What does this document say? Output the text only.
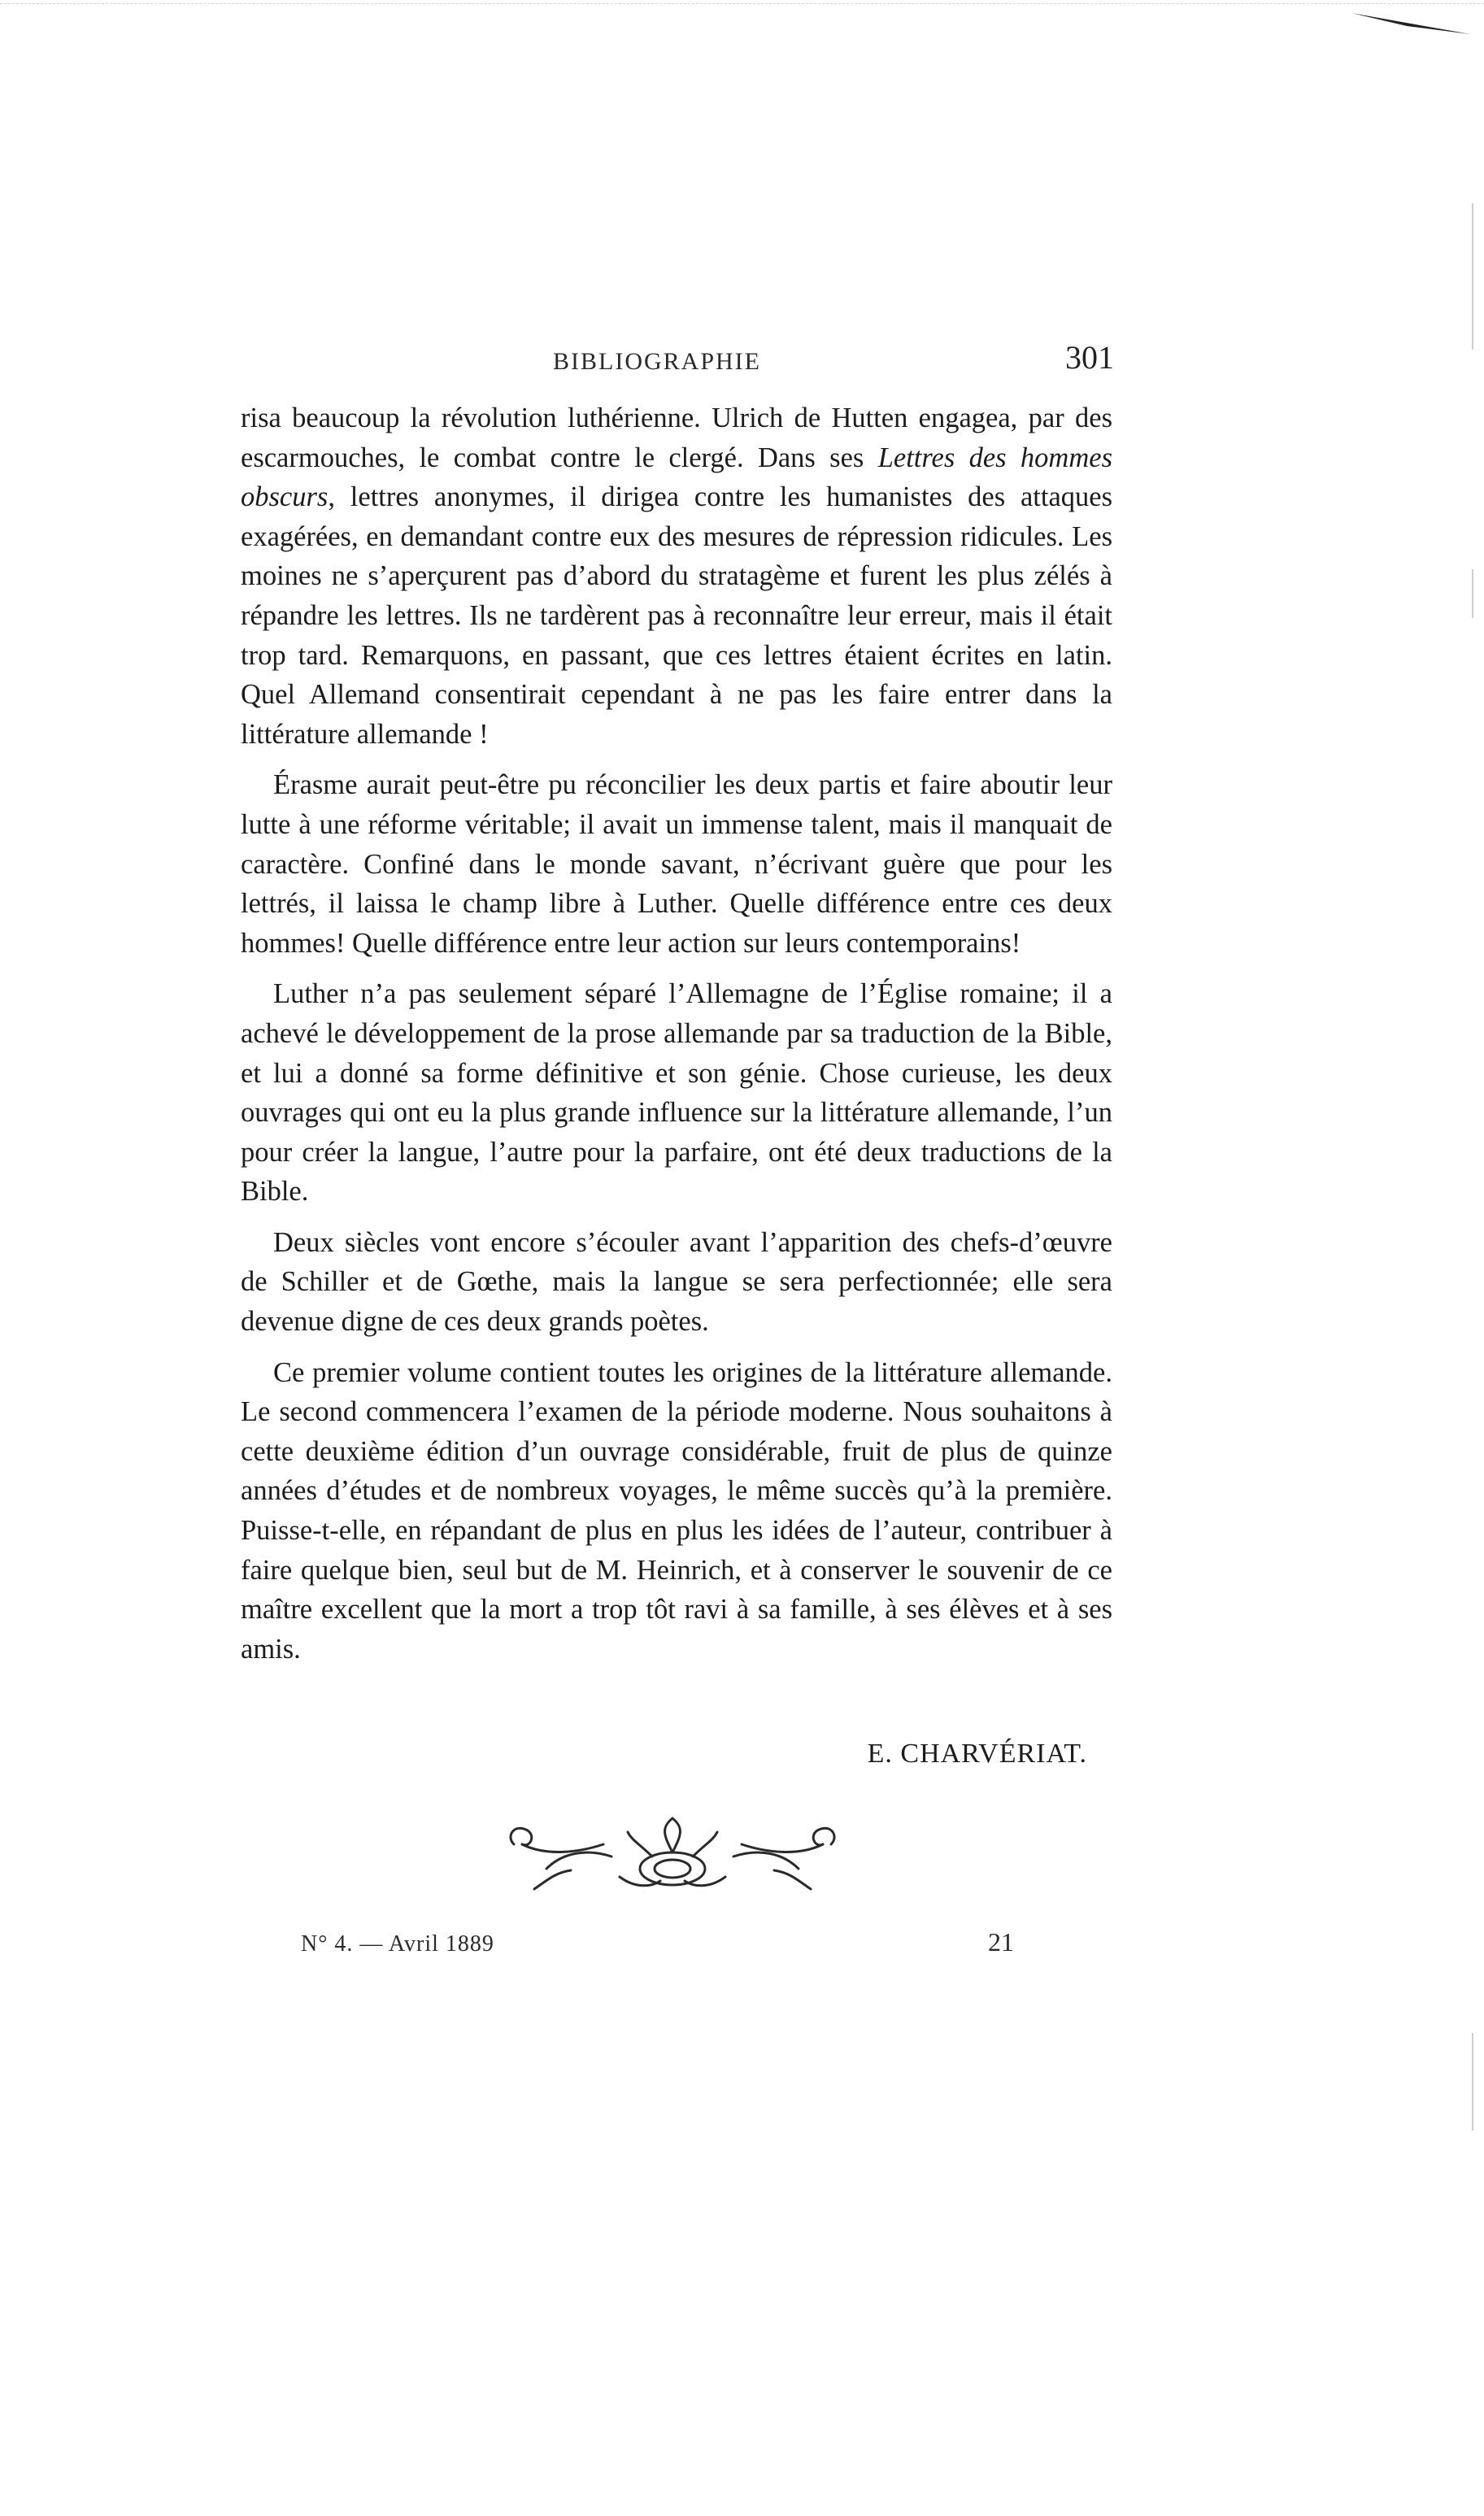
BIBLIOGRAPHIE	301

risa beaucoup la révolution luthérienne. Ulrich de Hutten engagea, par des escarmouches, le combat contre le clergé. Dans ses Lettres des hommes obscurs, lettres anonymes, il dirigea contre les humanistes des attaques exagérées, en demandant contre eux des mesures de répression ridicules. Les moines ne s’aperçurent pas d’abord du stratagème et furent les plus zélés à répandre les lettres. Ils ne tardèrent pas à reconnaître leur erreur, mais il était trop tard. Remarquons, en passant, que ces lettres étaient écrites en latin. Quel Allemand consentirait cependant à ne pas les faire entrer dans la littérature allemande !

Érasme aurait peut-être pu réconcilier les deux partis et faire aboutir leur lutte à une réforme véritable; il avait un immense talent, mais il manquait de caractère. Confiné dans le monde savant, n’écrivant guère que pour les lettrés, il laissa le champ libre à Luther. Quelle différence entre ces deux hommes! Quelle différence entre leur action sur leurs contemporains!

Luther n’a pas seulement séparé l’Allemagne de l’Église romaine; il a achevé le développement de la prose allemande par sa traduction de la Bible, et lui a donné sa forme définitive et son génie. Chose curieuse, les deux ouvrages qui ont eu la plus grande influence sur la littérature allemande, l’un pour créer la langue, l’autre pour la parfaire, ont été deux traductions de la Bible.

Deux siècles vont encore s’écouler avant l’apparition des chefs-d’œuvre de Schiller et de Gœthe, mais la langue se sera perfectionnée; elle sera devenue digne de ces deux grands poètes.

Ce premier volume contient toutes les origines de la littérature allemande. Le second commencera l’examen de la période moderne. Nous souhaitons à cette deuxième édition d’un ouvrage considérable, fruit de plus de quinze années d’études et de nombreux voyages, le même succès qu’à la première. Puisse-t-elle, en répandant de plus en plus les idées de l’auteur, contribuer à faire quelque bien, seul but de M. Heinrich, et à conserver le souvenir de ce maître excellent que la mort a trop tôt ravi à sa famille, à ses élèves et à ses amis.

E. CHARVÉRIAT.
N° 4. — Avril 1889	21
